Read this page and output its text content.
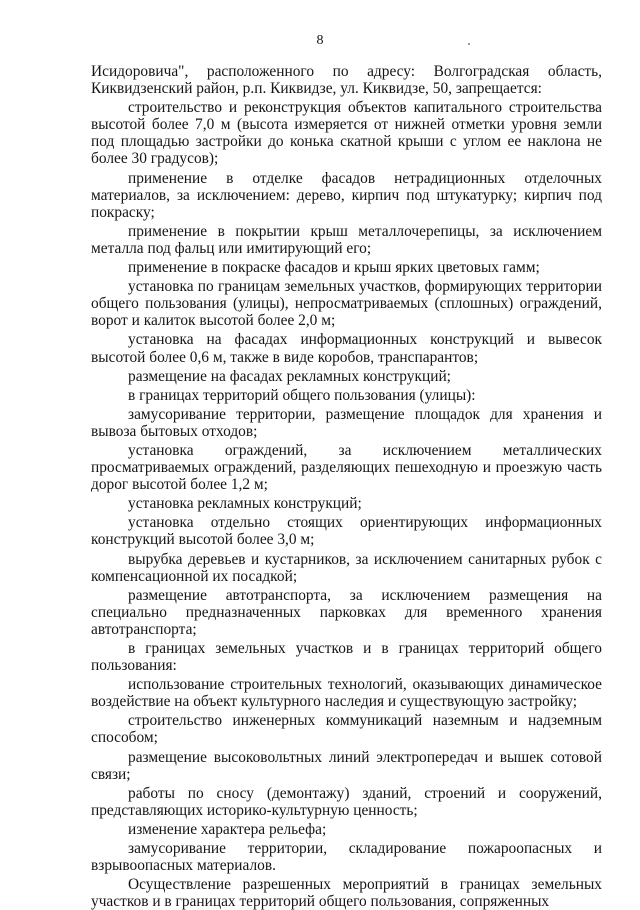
8

Исидоровича", расположенного по адресу: Волгоградская область, Киквидзенский район, р.п. Киквидзе, ул. Киквидзе, 50, запрещается:

строительство и реконструкция объектов капитального строительства высотой более 7,0 м (высота измеряется от нижней отметки уровня земли под площадью застройки до конька скатной крыши с углом ее наклона не более 30 градусов);

применение в отделке фасадов нетрадиционных отделочных материалов, за исключением: дерево, кирпич под штукатурку; кирпич под покраску;

применение в покрытии крыш металлочерепицы, за исключением металла под фальц или имитирующий его;

применение в покраске фасадов и крыш ярких цветовых гамм;

установка по границам земельных участков, формирующих территории общего пользования (улицы), непросматриваемых (сплошных) ограждений, ворот и калиток высотой более 2,0 м;

установка на фасадах информационных конструкций и вывесок высотой более 0,6 м, также в виде коробов, транспарантов;

размещение на фасадах рекламных конструкций;

в границах территорий общего пользования (улицы):

замусоривание территории, размещение площадок для хранения и вывоза бытовых отходов;

установка ограждений, за исключением металлических просматриваемых ограждений, разделяющих пешеходную и проезжую часть дорог высотой более 1,2 м;

установка рекламных конструкций;

установка отдельно стоящих ориентирующих информационных конструкций высотой более 3,0 м;

вырубка деревьев и кустарников, за исключением санитарных рубок с компенсационной их посадкой;

размещение автотранспорта, за исключением размещения на специально предназначенных парковках для временного хранения автотранспорта;

в границах земельных участков и в границах территорий общего пользования:

использование строительных технологий, оказывающих динамическое воздействие на объект культурного наследия и существующую застройку;

строительство инженерных коммуникаций наземным и надземным способом;

размещение высоковольтных линий электропередач и вышек сотовой связи;

работы по сносу (демонтажу) зданий, строений и сооружений, представляющих историко-культурную ценность;

изменение характера рельефа;

замусоривание территории, складирование пожароопасных и взрывоопасных материалов.

Осуществление разрешенных мероприятий в границах земельных участков и в границах территорий общего пользования, сопряженных
